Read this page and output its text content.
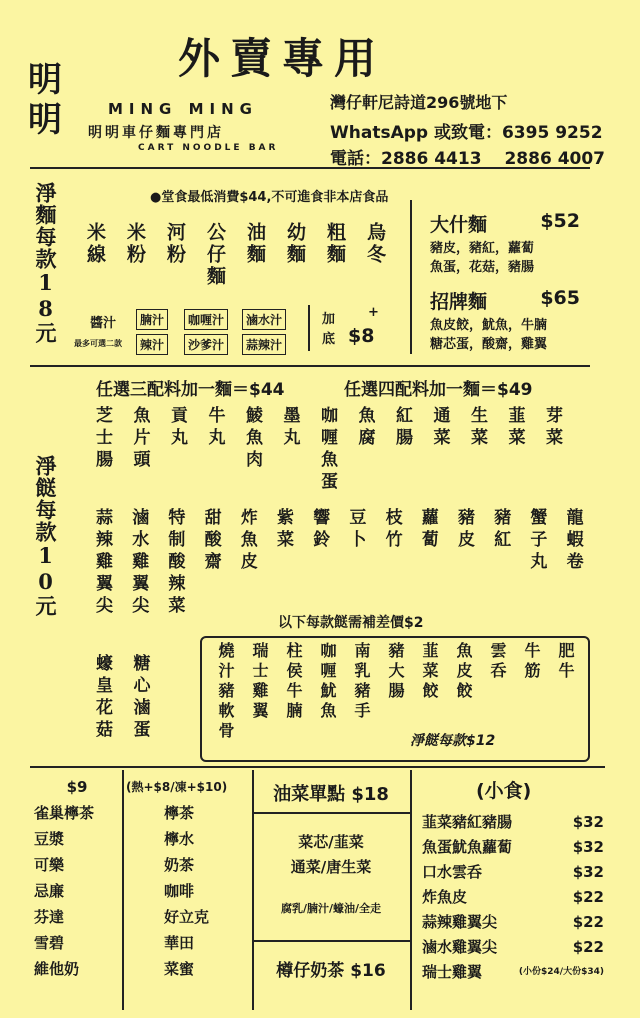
外賣專用
明明	MING MING
明明車仔麵專門店
CART NOODLE BAR
灣仔軒尼詩道296號地下
WhatsApp 或致電：6395 9252
電話：2886 4413　 2886 4007
淨麵每款18元	●堂食最低消費$44,不可進食非本店食品
米線 米粉 河粉 公仔麵 油麵 幼麵 粗麵 烏冬
醬汁
最多可選二款
腩汁	咖喱汁	滷水汁
辣汁	沙爹汁	蒜辣汁
加底
+
$8
大什麵	$52
豬皮，豬紅，蘿蔔
魚蛋，花菇，豬腸
招牌麵	$65
魚皮餃，魷魚，牛腩
糖芯蛋，酸齋，雞翼
淨餸每款10元
任選三配料加一麵＝$44	任選四配料加一麵＝$49
芝士腸 魚片頭 貢丸 牛丸 鯪魚肉 墨丸 咖喱魚蛋 魚腐 紅腸 通菜 生菜 韮菜 芽菜
蒜辣雞翼尖 滷水雞翼尖 特制酸辣菜 甜酸齋 炸魚皮 紫菜 響鈴 豆卜 枝竹 蘿蔔 豬皮 豬紅 蟹子丸 龍蝦卷
蠔皇花菇 糖心滷蛋
以下每款餸需補差價$2
燒汁豬軟骨 瑞士雞翼 柱侯牛腩 咖喱魷魚 南乳豬手 豬大腸 韮菜餃 魚皮餃 雲呑 牛筋 肥牛
淨餸每款$12
$9
雀巢檸茶
豆漿
可樂
忌廉
芬達
雪碧
維他奶
(熱+$8/凍+$10)
檸茶
檸水
奶茶
咖啡
好立克
華田
菜蜜
油菜單點 $18
菜芯/韮菜
通菜/唐生菜
腐乳/腩汁/蠔油/全走
樽仔奶茶 $16
(小食)
韮菜豬紅豬腸	$32
魚蛋魷魚蘿蔔	$32
口水雲呑	$32
炸魚皮	$22
蒜辣雞翼尖	$22
滷水雞翼尖	$22
瑞士雞翼	(小份$24/大份$34)
